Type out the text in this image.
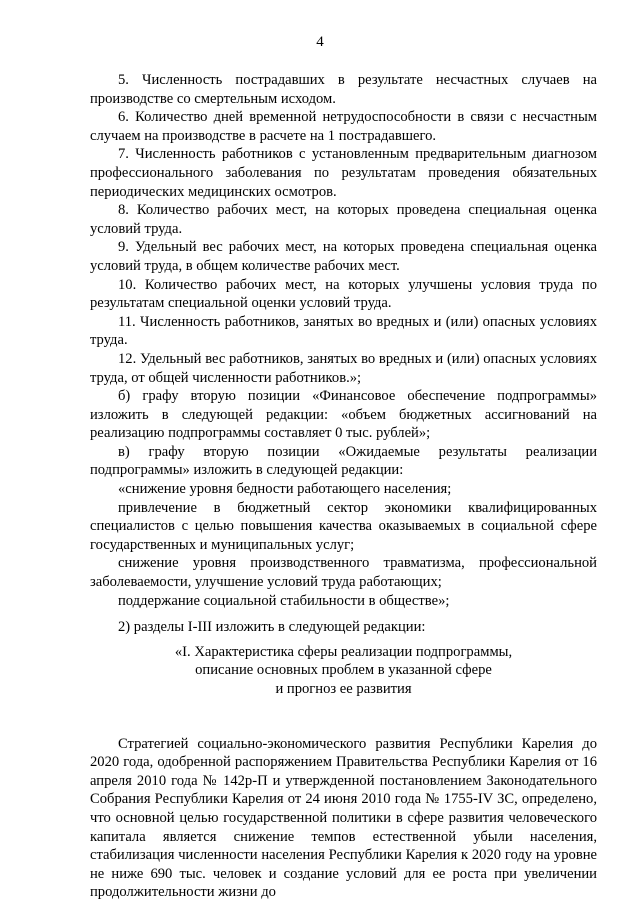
4

5. Численность пострадавших в результате несчастных случаев на производстве со смертельным исходом.

6. Количество дней временной нетрудоспособности в связи с несчастным случаем на производстве в расчете на 1 пострадавшего.

7. Численность работников с установленным предварительным диагнозом профессионального заболевания по результатам проведения обязательных периодических медицинских осмотров.

8. Количество рабочих мест, на которых проведена специальная оценка условий труда.

9. Удельный вес рабочих мест, на которых проведена специальная оценка условий труда, в общем количестве рабочих мест.

10. Количество рабочих мест, на которых улучшены условия труда по результатам специальной оценки условий труда.

11. Численность работников, занятых во вредных и (или) опасных условиях труда.

12. Удельный вес работников, занятых во вредных и (или) опасных условиях труда, от общей численности работников.»;

б) графу вторую позиции «Финансовое обеспечение подпрограммы» изложить в следующей редакции: «объем бюджетных ассигнований на реализацию подпрограммы составляет 0 тыс. рублей»;

в) графу вторую позиции «Ожидаемые результаты реализации подпрограммы» изложить в следующей редакции:

«снижение уровня бедности работающего населения;

привлечение в бюджетный сектор экономики квалифицированных специалистов с целью повышения качества оказываемых в социальной сфере государственных и муниципальных услуг;

снижение уровня производственного травматизма, профессиональной заболеваемости, улучшение условий труда работающих;

поддержание социальной стабильности в обществе»;

2) разделы I-III изложить в следующей редакции:

«I. Характеристика сферы реализации подпрограммы,
описание основных проблем в указанной сфере
и прогноз ее развития

Стратегией социально-экономического развития Республики Карелия до 2020 года, одобренной распоряжением Правительства Республики Карелия от 16 апреля 2010 года № 142р-П и утвержденной постановлением Законодательного Собрания Республики Карелия от 24 июня 2010 года № 1755-IV ЗС, определено, что основной целью государственной политики в сфере развития человеческого капитала является снижение темпов естественной убыли населения, стабилизация численности населения Республики Карелия к 2020 году на уровне не ниже 690 тыс. человек и создание условий для ее роста при увеличении продолжительности жизни до
